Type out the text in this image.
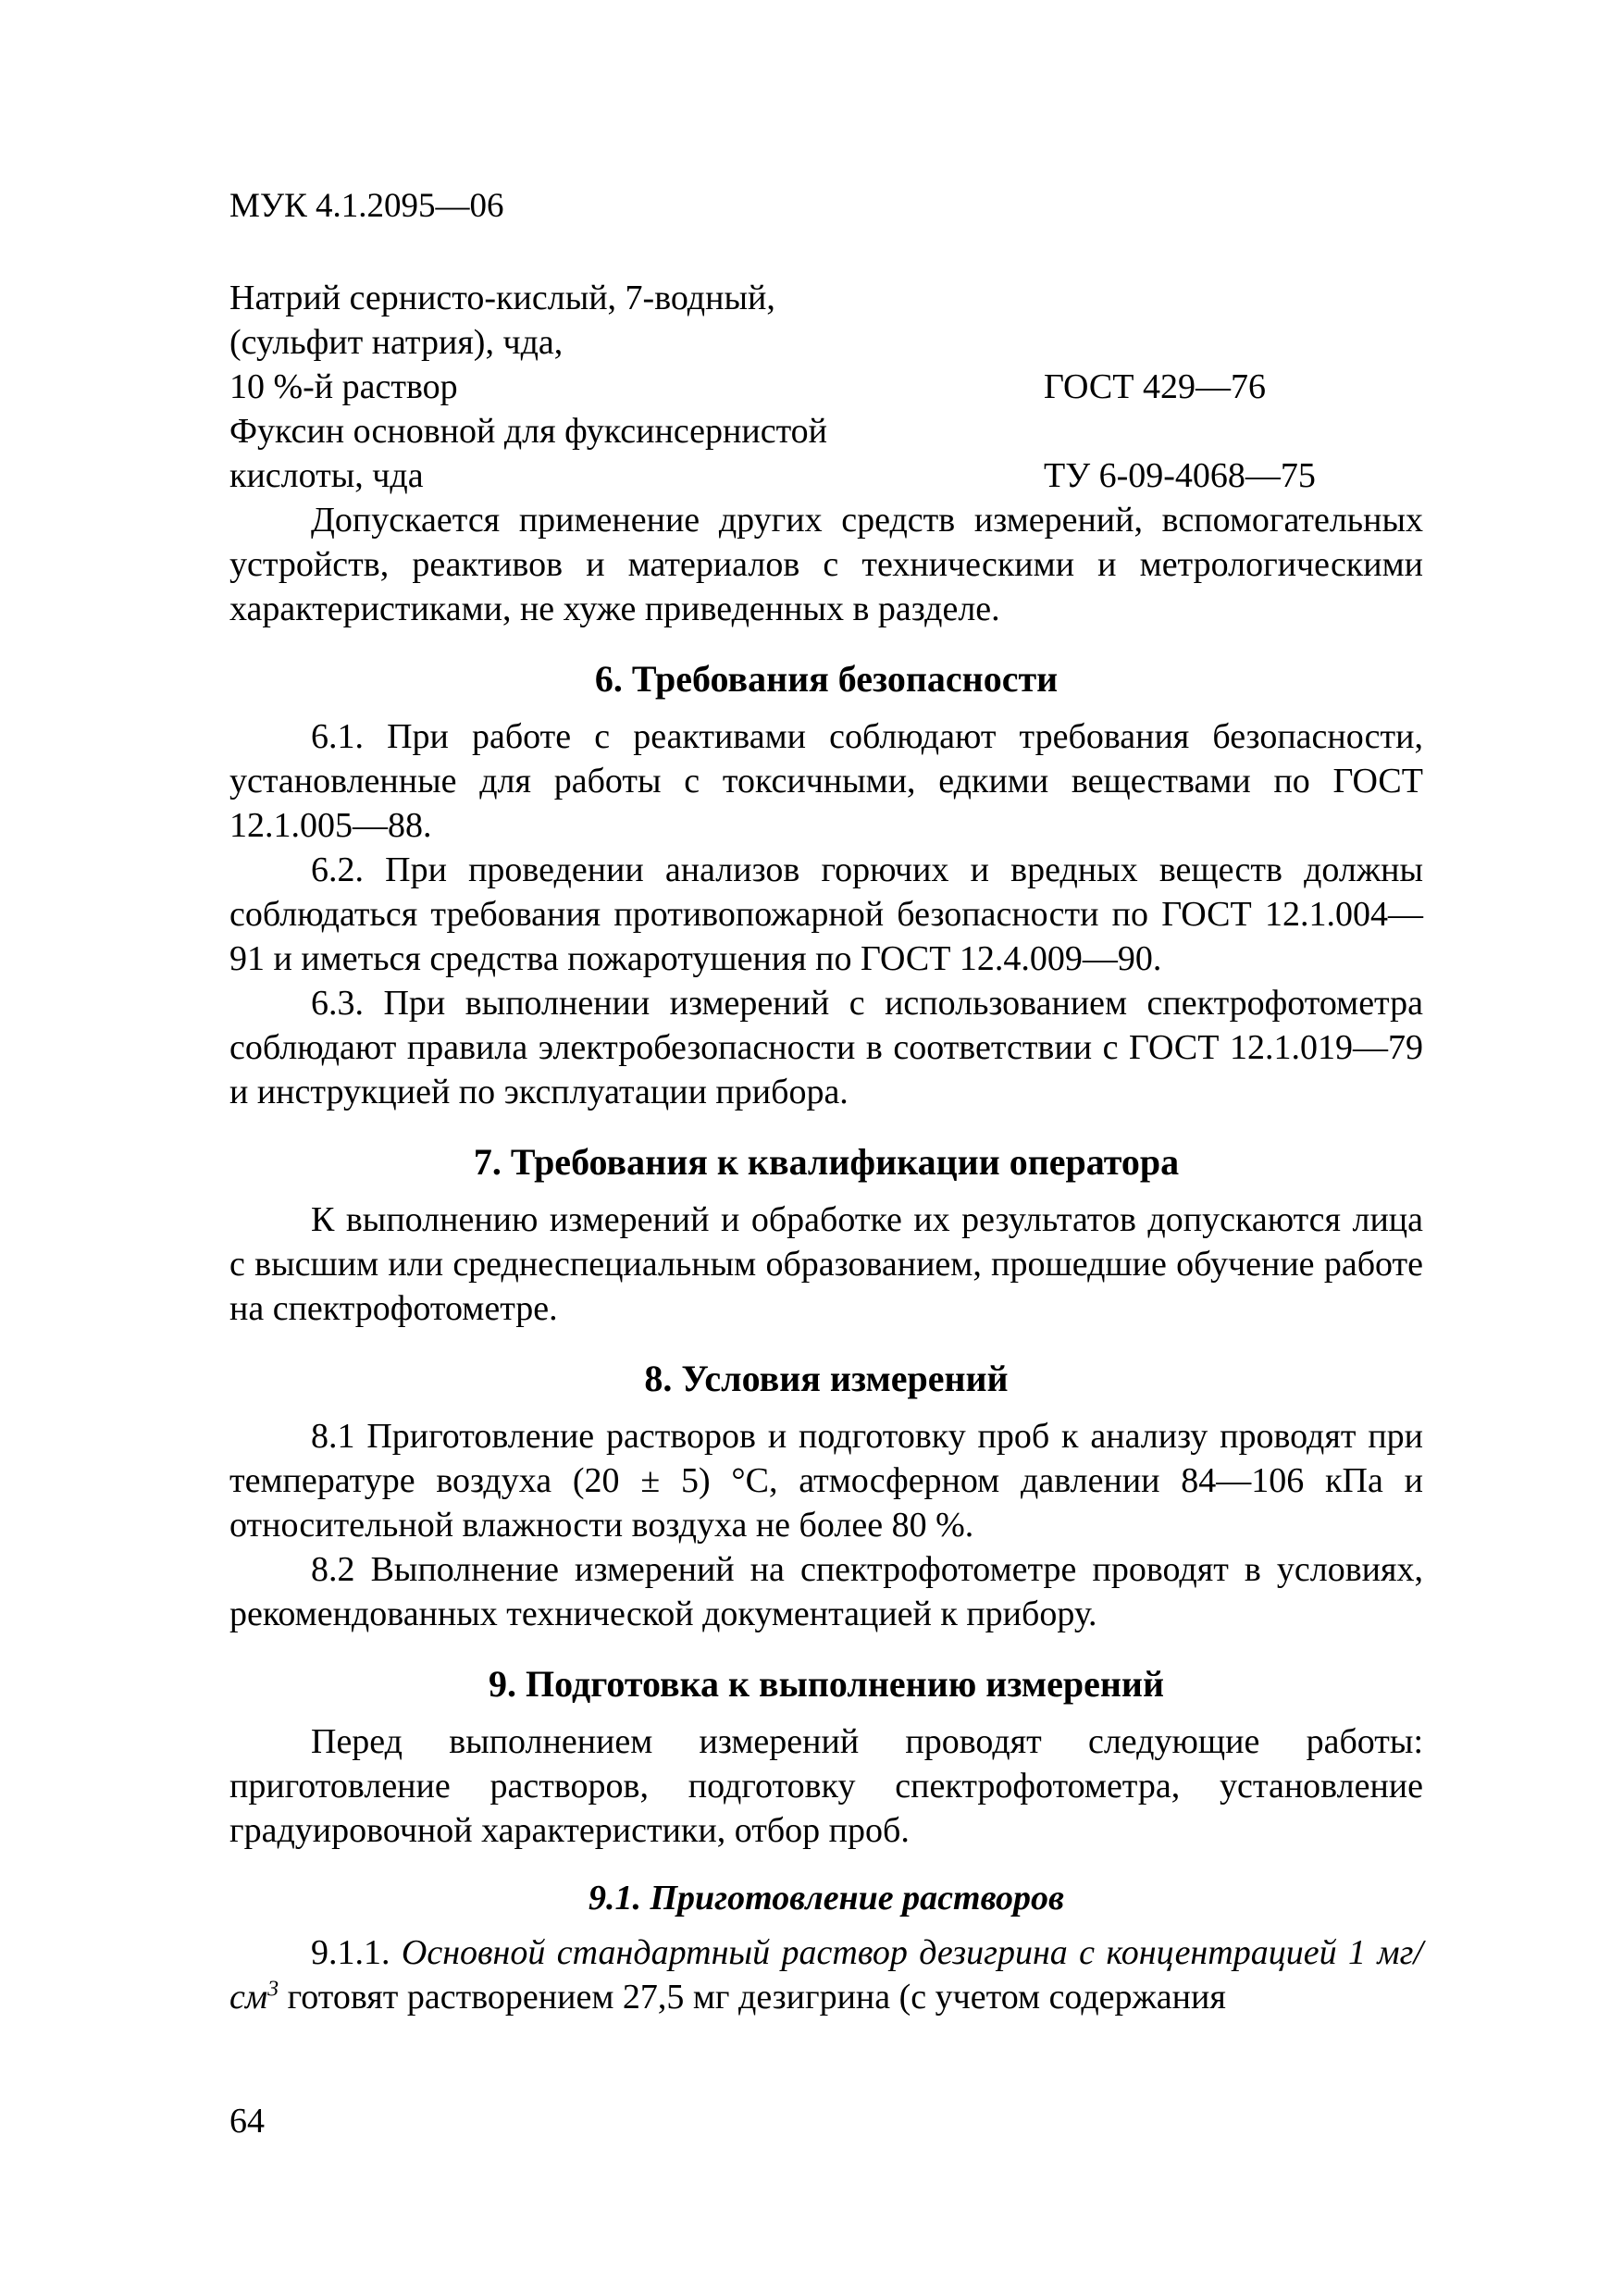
МУК 4.1.2095—06

Натрий сернисто-кислый, 7-водный,

(сульфит натрия), чда,

10 %-й раствор	ГОСТ 429—76

Фуксин основной для фуксинсернистой

кислоты, чда	ТУ 6-09-4068—75

Допускается применение других средств измерений, вспомогательных устройств, реактивов и материалов с техническими и метрологическими характеристиками, не хуже приведенных в разделе.

6. Требования безопасности

6.1. При работе с реактивами соблюдают требования безопасности, установленные для работы с токсичными, едкими веществами по ГОСТ 12.1.005—88.

6.2. При проведении анализов горючих и вредных веществ должны соблюдаться требования противопожарной безопасности по ГОСТ 12.1.004—91 и иметься средства пожаротушения по ГОСТ 12.4.009—90.

6.3. При выполнении измерений с использованием спектрофотометра соблюдают правила электробезопасности в соответствии с ГОСТ 12.1.019—79 и инструкцией по эксплуатации прибора.

7. Требования к квалификации оператора

К выполнению измерений и обработке их результатов допускаются лица с высшим или среднеспециальным образованием, прошедшие обучение работе на спектрофотометре.

8. Условия измерений

8.1 Приготовление растворов и подготовку проб к анализу проводят при температуре воздуха (20 ± 5) °С, атмосферном давлении 84—106 кПа и относительной влажности воздуха не более 80 %.

8.2 Выполнение измерений на спектрофотометре проводят в условиях, рекомендованных технической документацией к прибору.

9. Подготовка к выполнению измерений

Перед выполнением измерений проводят следующие работы: приготовление растворов, подготовку спектрофотометра, установление градуировочной характеристики, отбор проб.

9.1. Приготовление растворов

9.1.1. Основной стандартный раствор дезигрина с концентрацией 1 $мг/см^3$ готовят растворением 27,5 мг дезигрина (с учетом содержания

64
